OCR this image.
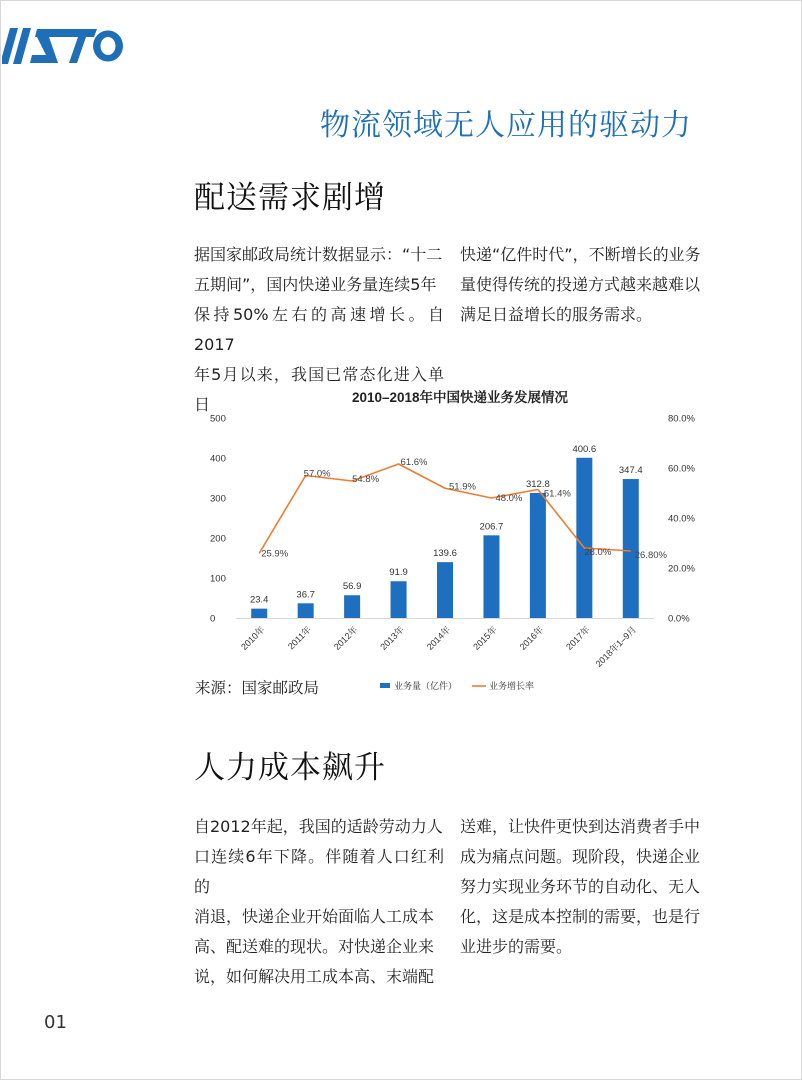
物流领域无人应用的驱动力
配送需求剧增
据国家邮政局统计数据显示：“十二
五期间”，国内快递业务量连续5年
保持50%左右的高速增长。自2017
年5月以来，我国已常态化进入单日
快递“亿件时代”，不断增长的业务
量使得传统的投递方式越来越难以
满足日益增长的服务需求。
2010–2018年中国快递业务发展情况
0
100
200
300
400
500
0.0%
20.0%
40.0%
60.0%
80.0%
23.4	36.7
56.9
91.9
139.6
206.7
312.8
400.6
347.4
2010年 2011年 2012年 2013年 2014年 2015年 2016年 2017年 2018年1–9月
25.9%
57.0% 54.8%
61.6%
51.9%
48.0% 51.4%
28.0% 26.80%
业务量（亿件）	业务增长率
来源：国家邮政局
人力成本飙升
自2012年起，我国的适龄劳动力人
口连续6年下降。伴随着人口红利的
消退，快递企业开始面临人工成本
高、配送难的现状。对快递企业来
说，如何解决用工成本高、末端配
送难，让快件更快到达消费者手中
成为痛点问题。现阶段，快递企业
努力实现业务环节的自动化、无人
化，这是成本控制的需要，也是行
业进步的需要。
01
